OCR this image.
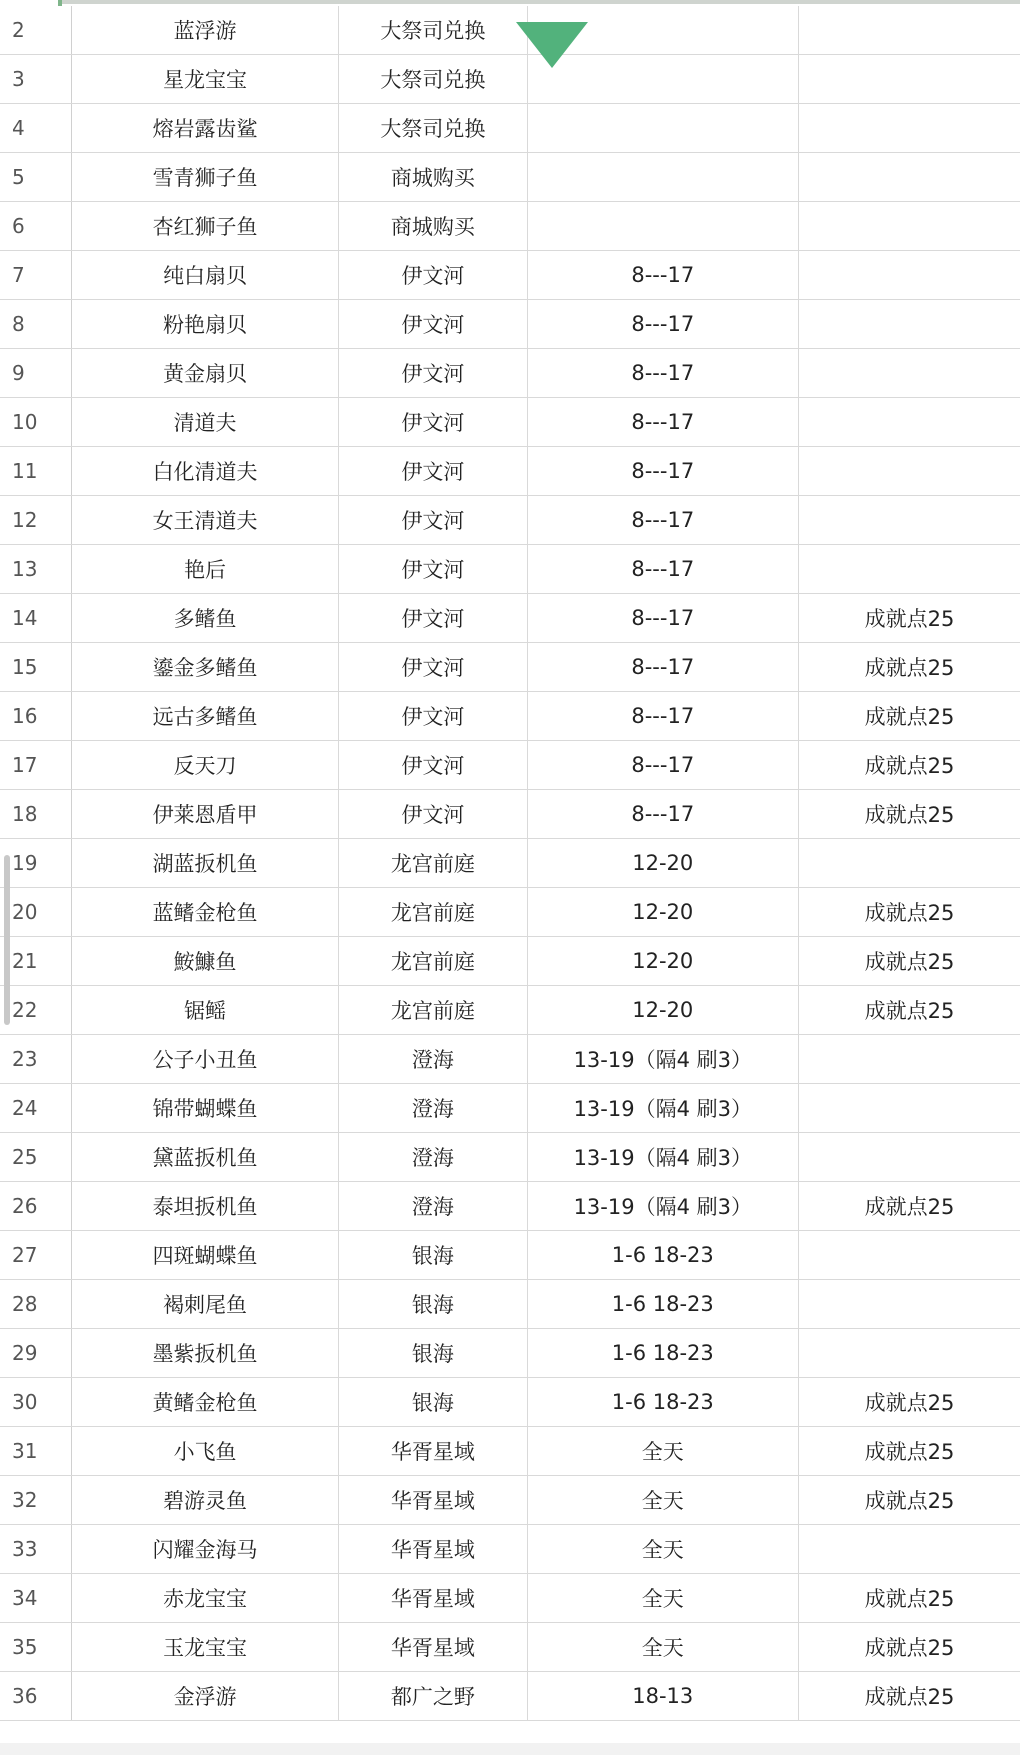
2	蓝浮游	大祭司兑换		
3	星龙宝宝	大祭司兑换		
4	熔岩露齿鲨	大祭司兑换		
5	雪青狮子鱼	商城购买		
6	杏红狮子鱼	商城购买		
7	纯白扇贝	伊文河	8---17	
8	粉艳扇贝	伊文河	8---17	
9	黄金扇贝	伊文河	8---17	
10	清道夫	伊文河	8---17	
11	白化清道夫	伊文河	8---17	
12	女王清道夫	伊文河	8---17	
13	艳后	伊文河	8---17	
14	多鳍鱼	伊文河	8---17	成就点25
15	鎏金多鳍鱼	伊文河	8---17	成就点25
16	远古多鳍鱼	伊文河	8---17	成就点25
17	反天刀	伊文河	8---17	成就点25
18	伊莱恩盾甲	伊文河	8---17	成就点25
19	湖蓝扳机鱼	龙宫前庭	12-20	
20	蓝鳍金枪鱼	龙宫前庭	12-20	成就点25
21	鮟鱇鱼	龙宫前庭	12-20	成就点25
22	锯鳐	龙宫前庭	12-20	成就点25
23	公子小丑鱼	澄海	13-19（隔4 刷3）	
24	锦带蝴蝶鱼	澄海	13-19（隔4 刷3）	
25	黛蓝扳机鱼	澄海	13-19（隔4 刷3）	
26	泰坦扳机鱼	澄海	13-19（隔4 刷3）	成就点25
27	四斑蝴蝶鱼	银海	1-6 18-23	
28	褐刺尾鱼	银海	1-6 18-23	
29	墨紫扳机鱼	银海	1-6 18-23	
30	黄鳍金枪鱼	银海	1-6 18-23	成就点25
31	小飞鱼	华胥星域	全天	成就点25
32	碧游灵鱼	华胥星域	全天	成就点25
33	闪耀金海马	华胥星域	全天	
34	赤龙宝宝	华胥星域	全天	成就点25
35	玉龙宝宝	华胥星域	全天	成就点25
36	金浮游	都广之野	18-13	成就点25
